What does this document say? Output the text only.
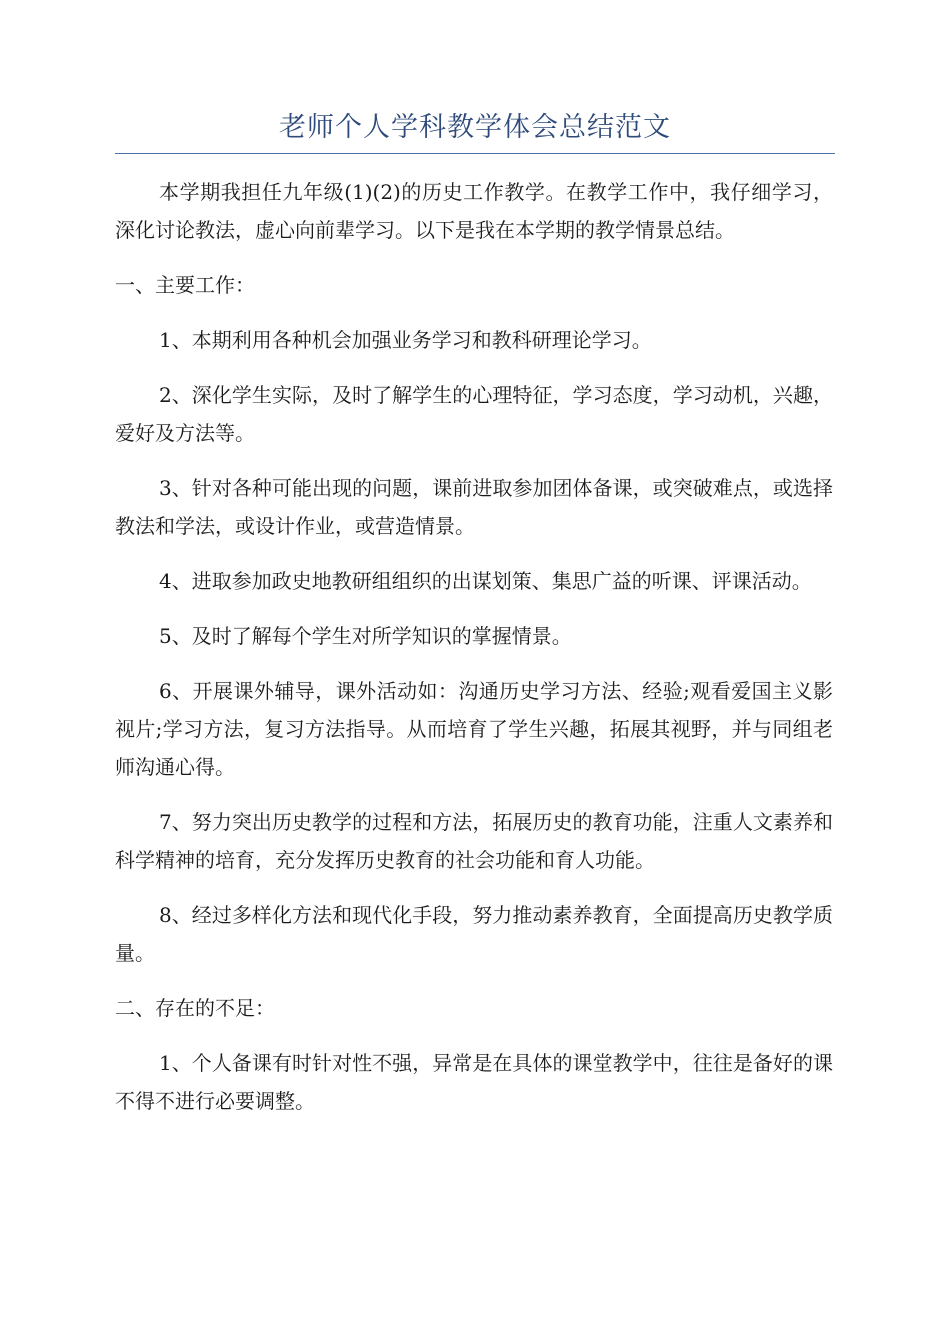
老师个人学科教学体会总结范文

本学期我担任九年级(1)(2)的历史工作教学。在教学工作中，我仔细学习，深化讨论教法，虚心向前辈学习。以下是我在本学期的教学情景总结。

一、主要工作：

1、本期利用各种机会加强业务学习和教科研理论学习。

2、深化学生实际，及时了解学生的心理特征，学习态度，学习动机，兴趣，爱好及方法等。

3、针对各种可能出现的问题，课前进取参加团体备课，或突破难点，或选择教法和学法，或设计作业，或营造情景。

4、进取参加政史地教研组组织的出谋划策、集思广益的听课、评课活动。

5、及时了解每个学生对所学知识的掌握情景。

6、开展课外辅导，课外活动如：沟通历史学习方法、经验;观看爱国主义影视片;学习方法，复习方法指导。从而培育了学生兴趣，拓展其视野，并与同组老师沟通心得。

7、努力突出历史教学的过程和方法，拓展历史的教育功能，注重人文素养和科学精神的培育，充分发挥历史教育的社会功能和育人功能。

8、经过多样化方法和现代化手段，努力推动素养教育，全面提高历史教学质量。

二、存在的不足：

1、个人备课有时针对性不强，异常是在具体的课堂教学中，往往是备好的课不得不进行必要调整。
